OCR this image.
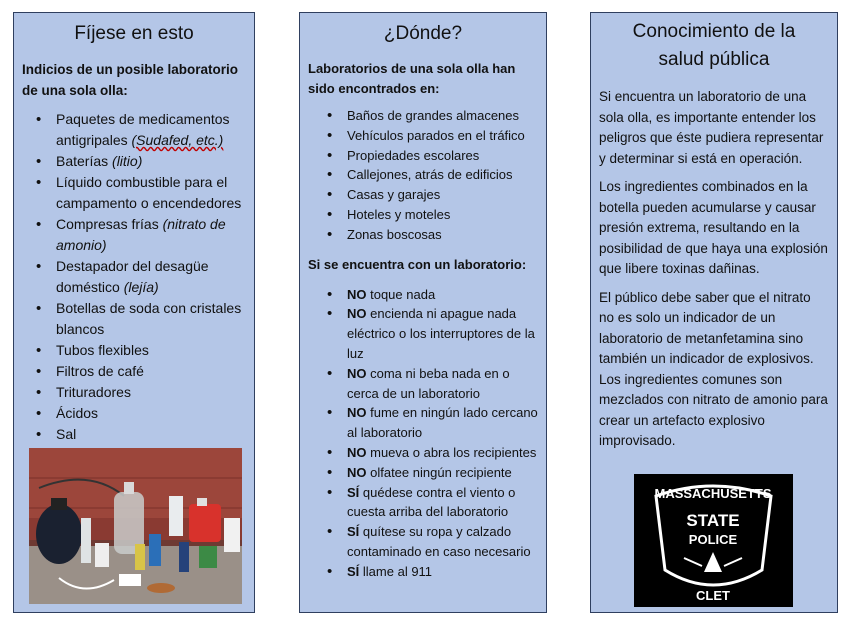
Fíjese en esto

Indicios de un posible laboratorio de una sola olla:

• Paquetes de medicamentos antigripales (Sudafed, etc.)
• Baterías (litio)
• Líquido combustible para el campamento o encendedores
• Compresas frías (nitrato de amonio)
• Destapador del desagüe doméstico (lejía)
• Botellas de soda con cristales blancos
• Tubos flexibles
• Filtros de café
• Trituradores
• Ácidos
• Sal
¿Dónde?

Laboratorios de una sola olla han sido encontrados en:

• Baños de grandes almacenes
• Vehículos parados en el tráfico
• Propiedades escolares
• Callejones, atrás de edificios
• Casas y garajes
• Hoteles y moteles
• Zonas boscosas

Si se encuentra con un laboratorio:

• NO toque nada
• NO encienda ni apague nada eléctrico o los interruptores de la luz
• NO coma ni beba nada en o cerca de un laboratorio
• NO fume en ningún lado cercano al laboratorio
• NO mueva o abra los recipientes
• NO olfatee ningún recipiente
• SÍ quédese contra el viento o cuesta arriba del laboratorio
• SÍ quítese su ropa y calzado contaminado en caso necesario
• SÍ llame al 911
Conocimiento de la
salud pública

Si encuentra un laboratorio de una sola olla, es importante entender los peligros que éste pudiera representar y determinar si está en operación.

Los ingredientes combinados en la botella pueden acumularse y causar presión extrema, resultando en la posibilidad de que haya una explosión que libere toxinas dañinas.

El público debe saber que el nitrato no es solo un indicador de un laboratorio de metanfetamina sino también un indicador de explosivos. Los ingredientes comunes son mezclados con nitrato de amonio para crear un artefacto explosivo improvisado.

MASSACHUSETTS
STATE
POLICE
CLET
